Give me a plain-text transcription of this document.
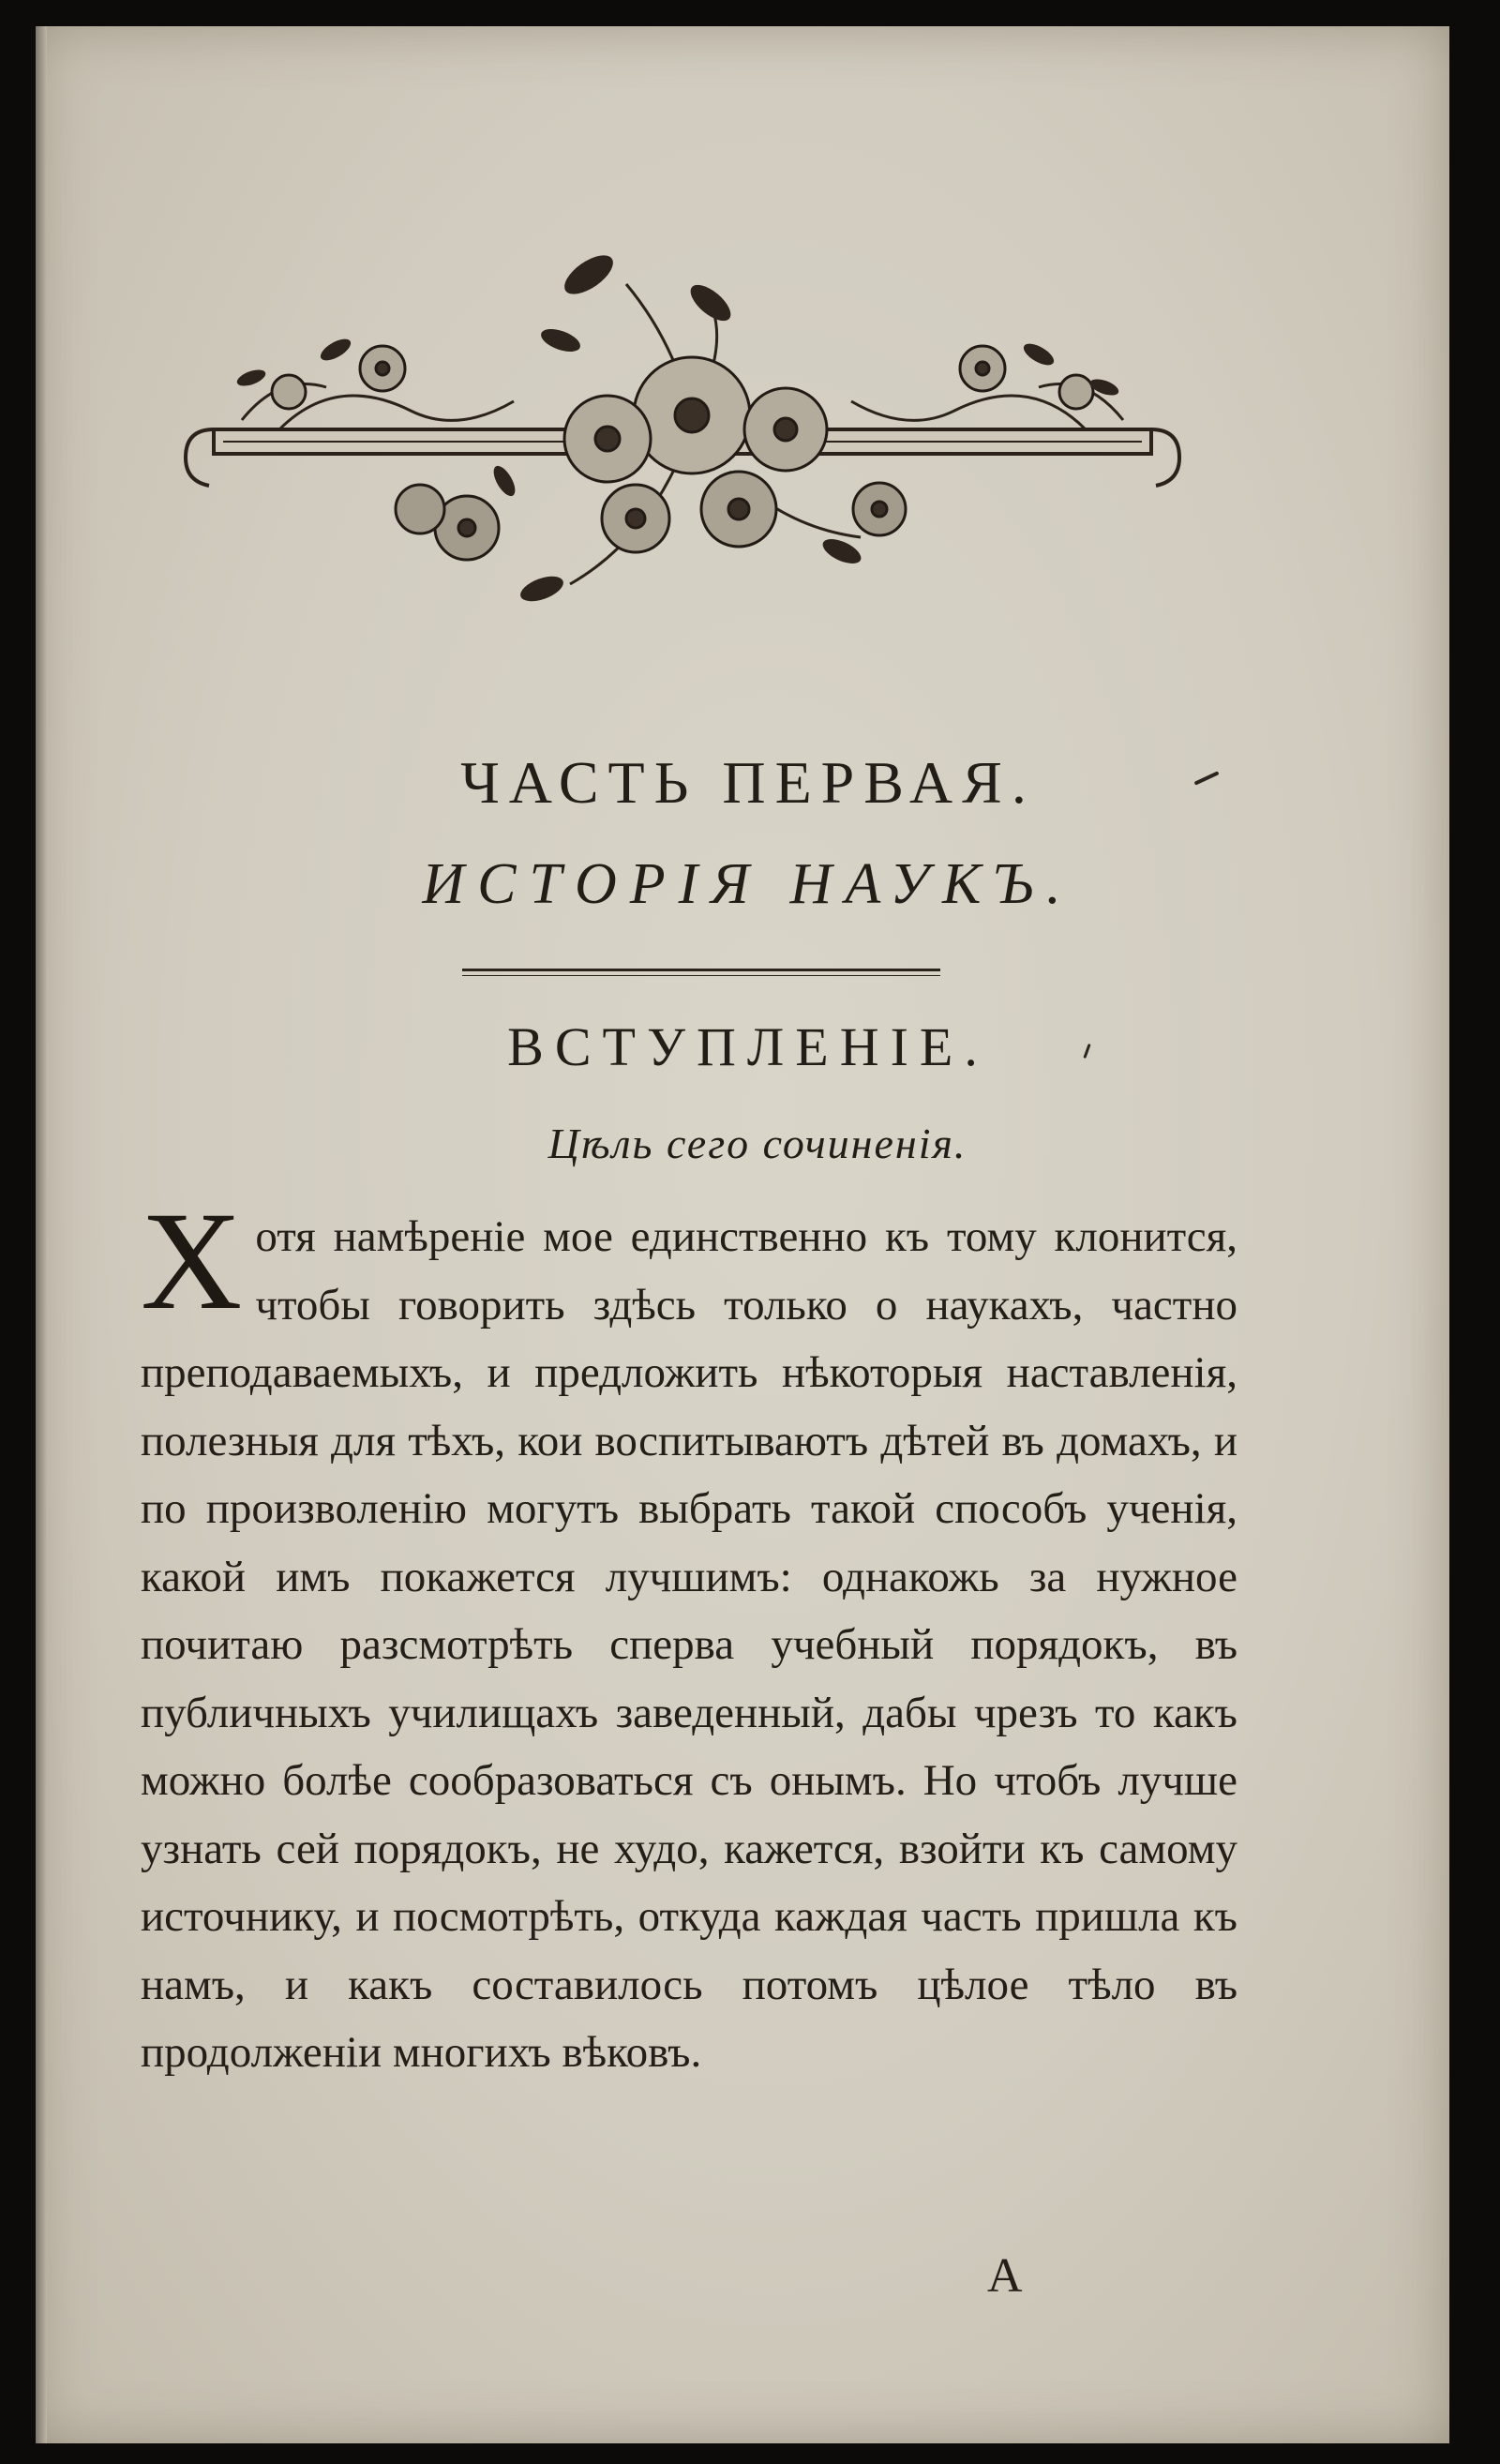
ЧАСТЬ ПЕРВАЯ.
ИСТОРІЯ НАУКЪ.
ВСТУПЛЕНІЕ.
Цѣль сего сочиненія.
Х отя намѣреніе мое единственно къ тому клонится, чтобы говорить здѣсь только о наукахъ, частно преподаваемыхъ, и предложить нѣкоторыя наставленія, полезныя для тѣхъ, кои воспитываютъ дѣтей въ домахъ, и по произволенію могутъ выбрать такой способъ ученія, какой имъ покажется лучшимъ: однакожь за нужное почитаю разсмотрѣть сперва учебный порядокъ, въ публичныхъ училищахъ заведенный, дабы чрезъ то какъ можно болѣе сообразоваться съ онымъ. Но чтобъ лучше узнать сей порядокъ, не худо, кажется, взойти къ самому источнику, и посмотрѣть, откуда каждая часть пришла къ намъ, и какъ составилось потомъ цѣлое тѣло въ продолженіи многихъ вѣковъ.
А
